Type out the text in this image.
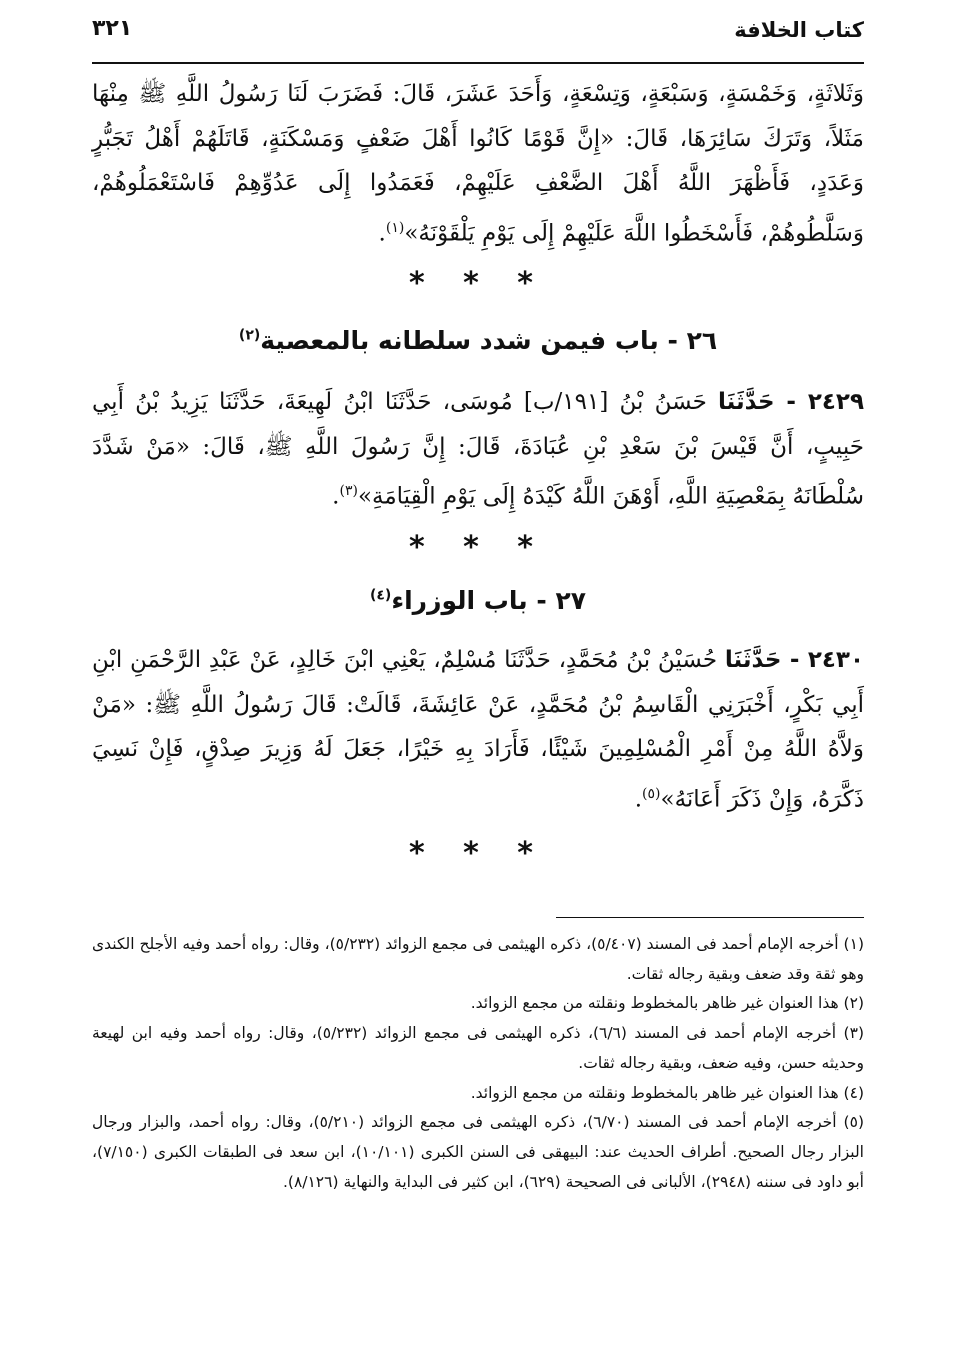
كتاب الخلافة
٣٢١

وَثَلاثَةٍ، وَخَمْسَةٍ، وَسَبْعَةٍ، وَتِسْعَةٍ، وَأَحَدَ عَشَرَ، قَالَ: فَضَرَبَ لَنَا رَسُولُ اللَّهِ ﷺ مِنْهَا مَثَلاً، وَتَرَكَ سَائِرَهَا، قَالَ: «إِنَّ قَوْمًا كَانُوا أَهْلَ ضَعْفٍ وَمَسْكَنَةٍ، قَاتَلَهُمْ أَهْلُ تَجَبُّرٍ وَعَدَدٍ، فَأَظْهَرَ اللَّهُ أَهْلَ الضَّعْفِ عَلَيْهِمْ، فَعَمَدُوا إِلَى عَدُوِّهِمْ فَاسْتَعْمَلُوهُمْ، وَسَلَّطُوهُمْ، فَأَسْخَطُوا اللَّهَ عَلَيْهِمْ إِلَى يَوْمِ يَلْقَوْنَهُ»$^{(١)}$.

* * *
٢٦ - باب فيمن شدد سلطانه بالمعصية$^{(٢)}$

٢٤٢٩ - حَدَّثَنَا حَسَنُ بْنُ [١٩١/ب] مُوسَى، حَدَّثَنَا ابْنُ لَهِيعَةَ، حَدَّثَنَا يَزِيدُ بْنُ أَبِي حَبِيبٍ، أَنَّ قَيْسَ بْنَ سَعْدِ بْنِ عُبَادَةَ، قَالَ: إِنَّ رَسُولَ اللَّهِ ﷺ، قَالَ: «مَنْ شَدَّدَ سُلْطَانَهُ بِمَعْصِيَةِ اللَّهِ، أَوْهَنَ اللَّهُ كَيْدَهُ إِلَى يَوْمِ الْقِيَامَةِ»$^{(٣)}$.

* * *
٢٧ - باب الوزراء$^{(٤)}$

٢٤٣٠ - حَدَّثَنَا حُسَيْنُ بْنُ مُحَمَّدٍ، حَدَّثَنَا مُسْلِمٌ، يَعْنِي ابْنَ خَالِدٍ، عَنْ عَبْدِ الرَّحْمَنِ ابْنِ أَبِي بَكْرٍ، أَخْبَرَنِي الْقَاسِمُ بْنُ مُحَمَّدٍ، عَنْ عَائِشَةَ، قَالَتْ: قَالَ رَسُولُ اللَّهِ ﷺ: «مَنْ وَلاَّهُ اللَّهُ مِنْ أَمْرِ الْمُسْلِمِينَ شَيْئًا، فَأَرَادَ بِهِ خَيْرًا، جَعَلَ لَهُ وَزِيرَ صِدْقٍ، فَإِنْ نَسِيَ ذَكَّرَهُ، وَإِنْ ذَكَرَ أَعَانَهُ»$^{(٥)}$.

* * *
(١) أخرجه الإمام أحمد فى المسند (٥/٤٠٧)، ذكره الهيثمى فى مجمع الزوائد (٥/٢٣٢)، وقال: رواه أحمد وفيه الأجلح الكندى وهو ثقة وقد ضعف وبقية رجاله ثقات.
(٢) هذا العنوان غير ظاهر بالمخطوط ونقلته من مجمع الزوائد.
(٣) أخرجه الإمام أحمد فى المسند (٦/٦)، ذكره الهيثمى فى مجمع الزوائد (٥/٢٣٢)، وقال: رواه أحمد وفيه ابن لهيعة وحديثه حسن، وفيه ضعف، وبقية رجاله ثقات.
(٤) هذا العنوان غير ظاهر بالمخطوط ونقلته من مجمع الزوائد.
(٥) أخرجه الإمام أحمد فى المسند (٦/٧٠)، ذكره الهيثمى فى مجمع الزوائد (٥/٢١٠)، وقال: رواه أحمد، والبزار ورجال البزار رجال الصحيح. أطراف الحديث عند: البيهقى فى السنن الكبرى (١٠/١٠١)، ابن سعد فى الطبقات الكبرى (٧/١٥٠)، أبو داود فى سننه (٢٩٤٨)، الألبانى فى الصحيحة (٦٢٩)، ابن كثير فى البداية والنهاية (٨/١٢٦).
